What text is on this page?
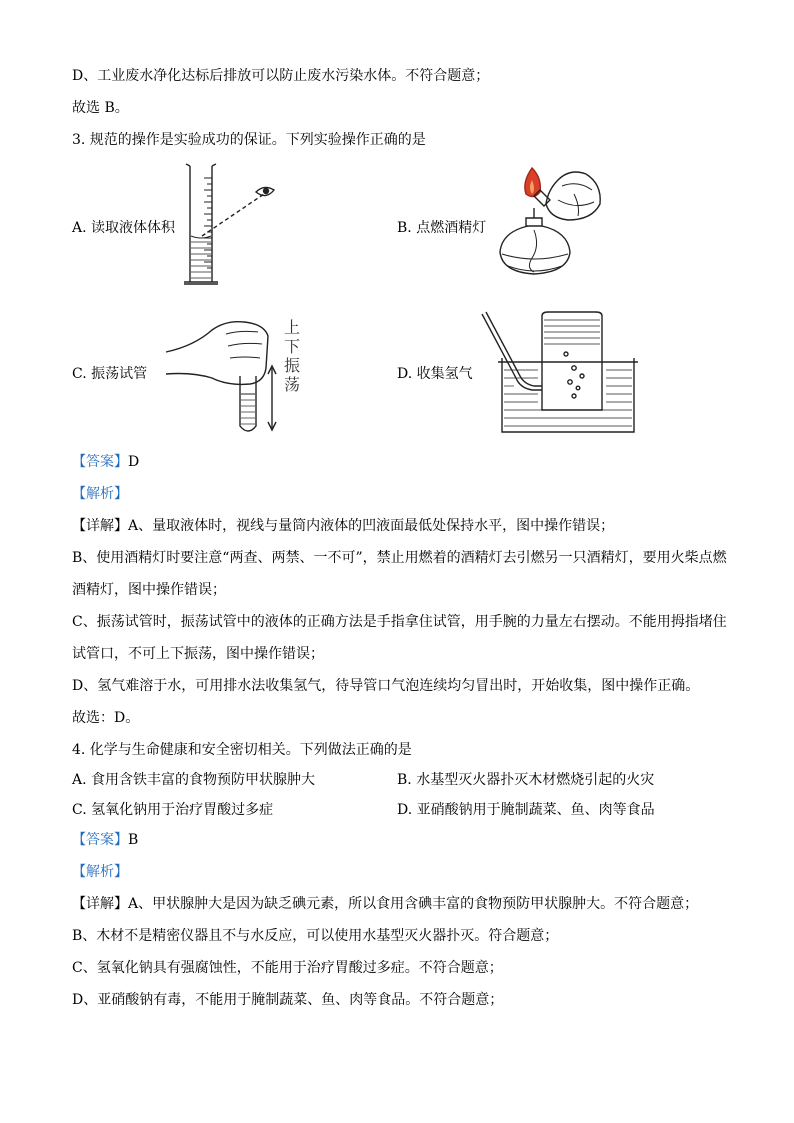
D、工业废水净化达标后排放可以防止废水污染水体。不符合题意；
故选 B。
3. 规范的操作是实验成功的保证。下列实验操作正确的是
A. 读取液体体积	B. 点燃酒精灯
C. 振荡试管	D. 收集氢气
上下振荡
【答案】D
【解析】
【详解】A、量取液体时，视线与量筒内液体的凹液面最低处保持水平，图中操作错误；
B、使用酒精灯时要注意“两查、两禁、一不可”，禁止用燃着的酒精灯去引燃另一只酒精灯，要用火柴点燃
酒精灯，图中操作错误；
C、振荡试管时，振荡试管中的液体的正确方法是手指拿住试管，用手腕的力量左右摆动。不能用拇指堵住
试管口，不可上下振荡，图中操作错误；
D、氢气难溶于水，可用排水法收集氢气，待导管口气泡连续均匀冒出时，开始收集，图中操作正确。
故选：D。
4. 化学与生命健康和安全密切相关。下列做法正确的是
A. 食用含铁丰富的食物预防甲状腺肿大	B. 水基型灭火器扑灭木材燃烧引起的火灾
C. 氢氧化钠用于治疗胃酸过多症	D. 亚硝酸钠用于腌制蔬菜、鱼、肉等食品
【答案】B
【解析】
【详解】A、甲状腺肿大是因为缺乏碘元素，所以食用含碘丰富的食物预防甲状腺肿大。不符合题意；
B、木材不是精密仪器且不与水反应，可以使用水基型灭火器扑灭。符合题意；
C、氢氧化钠具有强腐蚀性，不能用于治疗胃酸过多症。不符合题意；
D、亚硝酸钠有毒，不能用于腌制蔬菜、鱼、肉等食品。不符合题意；
